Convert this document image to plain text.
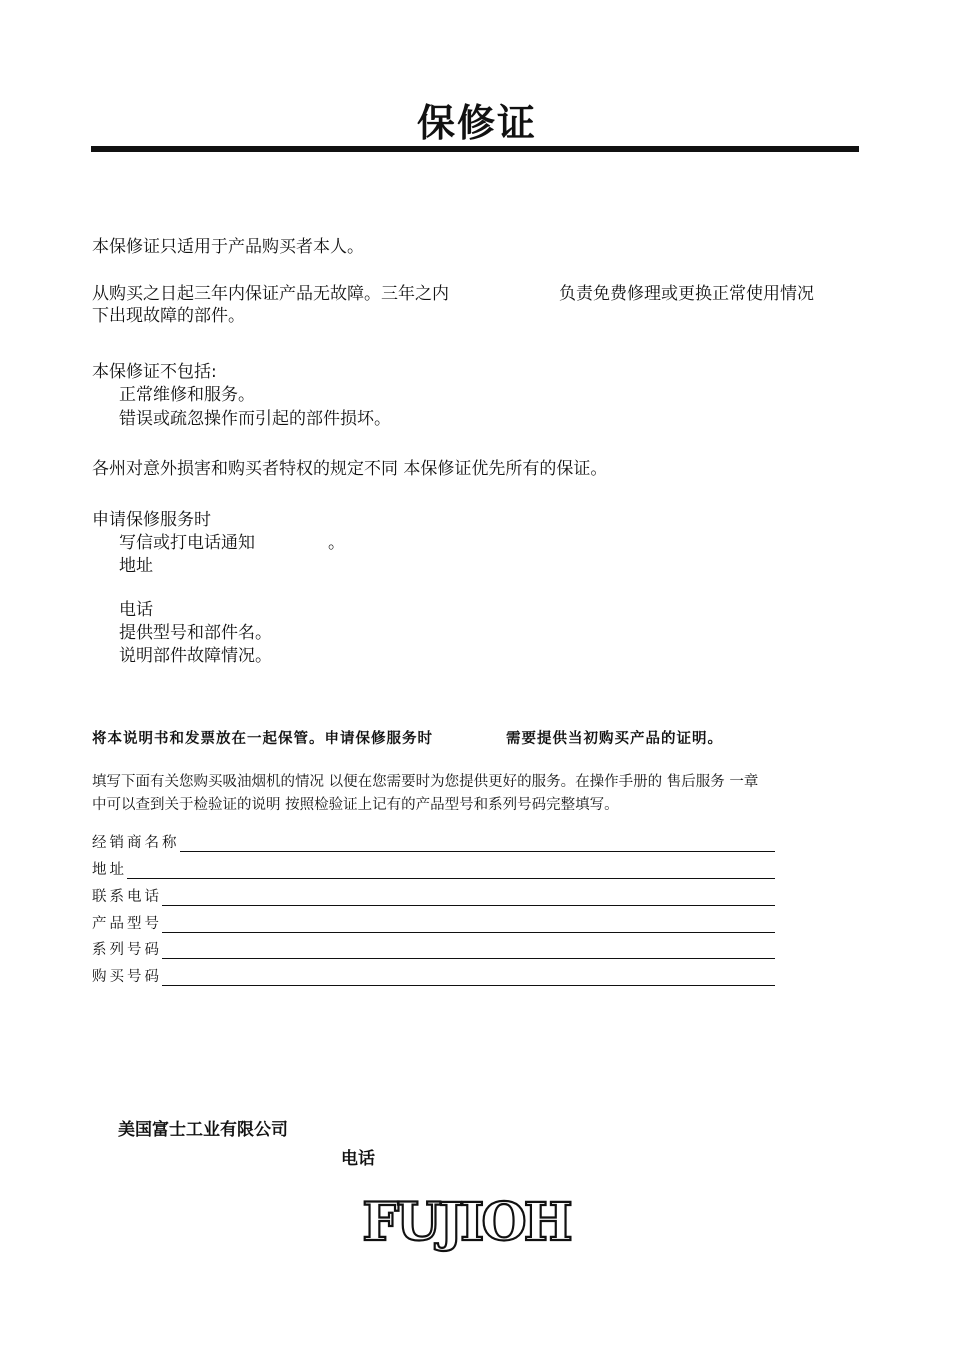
保修证
本保修证只适用于产品购买者本人。
从购买之日起三年内保证产品无故障。三年之内	负责免费修理或更换正常使用情况
下出现故障的部件。
本保修证不包括:
正常维修和服务。
错误或疏忽操作而引起的部件损坏。
各州对意外损害和购买者特权的规定不同 本保修证优先所有的保证。
申请保修服务时
写信或打电话通知	。
地址
电话
提供型号和部件名。
说明部件故障情况。
将本说明书和发票放在一起保管。申请保修服务时	需要提供当初购买产品的证明。
填写下面有关您购买吸油烟机的情况 以便在您需要时为您提供更好的服务。在操作手册的 售后服务 一章
中可以查到关于检验证的说明 按照检验证上记有的产品型号和系列号码完整填写。
经销商名称
地址
联系电话
产品型号
系列号码
购买号码
美国富士工业有限公司
电话
FUJIOH
